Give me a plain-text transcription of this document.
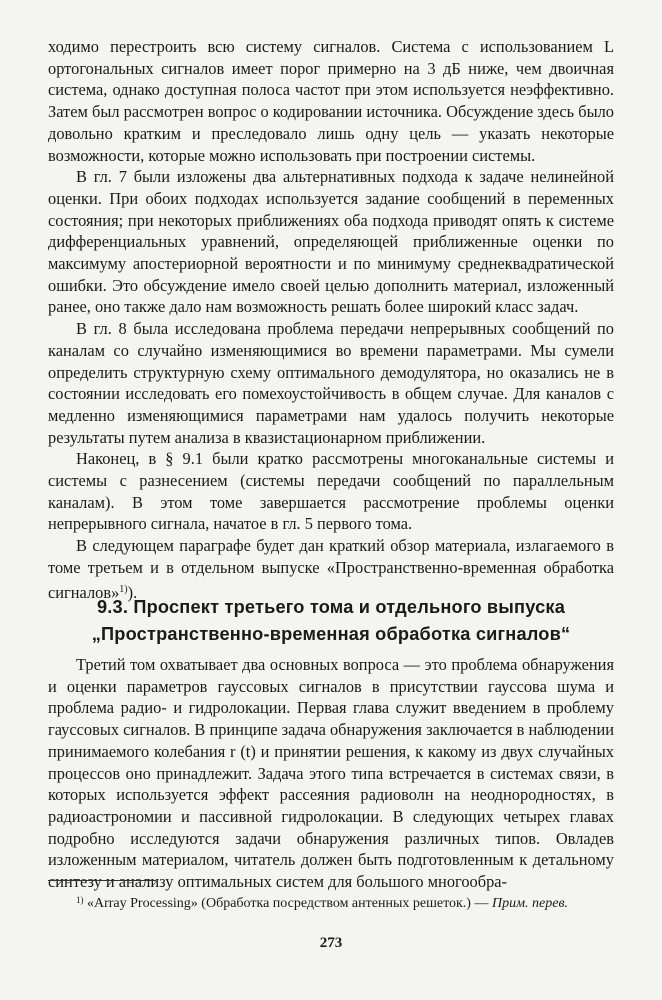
ходимо перестроить всю систему сигналов. Система с использованием L ортогональных сигналов имеет порог примерно на 3 дБ ниже, чем двоичная система, однако доступная полоса частот при этом используется неэффективно. Затем был рассмотрен вопрос о кодировании источника. Обсуждение здесь было довольно кратким и преследовало лишь одну цель — указать некоторые возможности, которые можно использовать при построении системы.

В гл. 7 были изложены два альтернативных подхода к задаче нелинейной оценки. При обоих подходах используется задание сообщений в переменных состояния; при некоторых приближениях оба подхода приводят опять к системе дифференциальных уравнений, определяющей приближенные оценки по максимуму апостериорной вероятности и по минимуму среднеквадратической ошибки. Это обсуждение имело своей целью дополнить материал, изложенный ранее, оно также дало нам возможность решать более широкий класс задач.

В гл. 8 была исследована проблема передачи непрерывных сообщений по каналам со случайно изменяющимися во времени параметрами. Мы сумели определить структурную схему оптимального демодулятора, но оказались не в состоянии исследовать его помехоустойчивость в общем случае. Для каналов с медленно изменяющимися параметрами нам удалось получить некоторые результаты путем анализа в квазистационарном приближении.

Наконец, в § 9.1 были кратко рассмотрены многоканальные системы и системы с разнесением (системы передачи сообщений по параллельным каналам). В этом томе завершается рассмотрение проблемы оценки непрерывного сигнала, начатое в гл. 5 первого тома.

В следующем параграфе будет дан краткий обзор материала, излагаемого в томе третьем и в отдельном выпуске «Пространственно-временная обработка сигналов»$^{1)}$).

9.3. Проспект третьего тома и отдельного выпуска
„Пространственно-временная обработка сигналов“

Третий том охватывает два основных вопроса — это проблема обнаружения и оценки параметров гауссовых сигналов в присутствии гауссова шума и проблема радио- и гидролокации. Первая глава служит введением в проблему гауссовых сигналов. В принципе задача обнаружения заключается в наблюдении принимаемого колебания r (t) и принятии решения, к какому из двух случайных процессов оно принадлежит. Задача этого типа встречается в системах связи, в которых используется эффект рассеяния радиоволн на неоднородностях, в радиоастрономии и пассивной гидролокации. В следующих четырех главах подробно исследуются задачи обнаружения различных типов. Овладев изложенным материалом, читатель должен быть подготовленным к детальному синтезу и анализу оптимальных систем для большого многообра-

$^{1)}$ «Array Processing» (Обработка посредством антенных решеток.) — Прим. перев.
273
